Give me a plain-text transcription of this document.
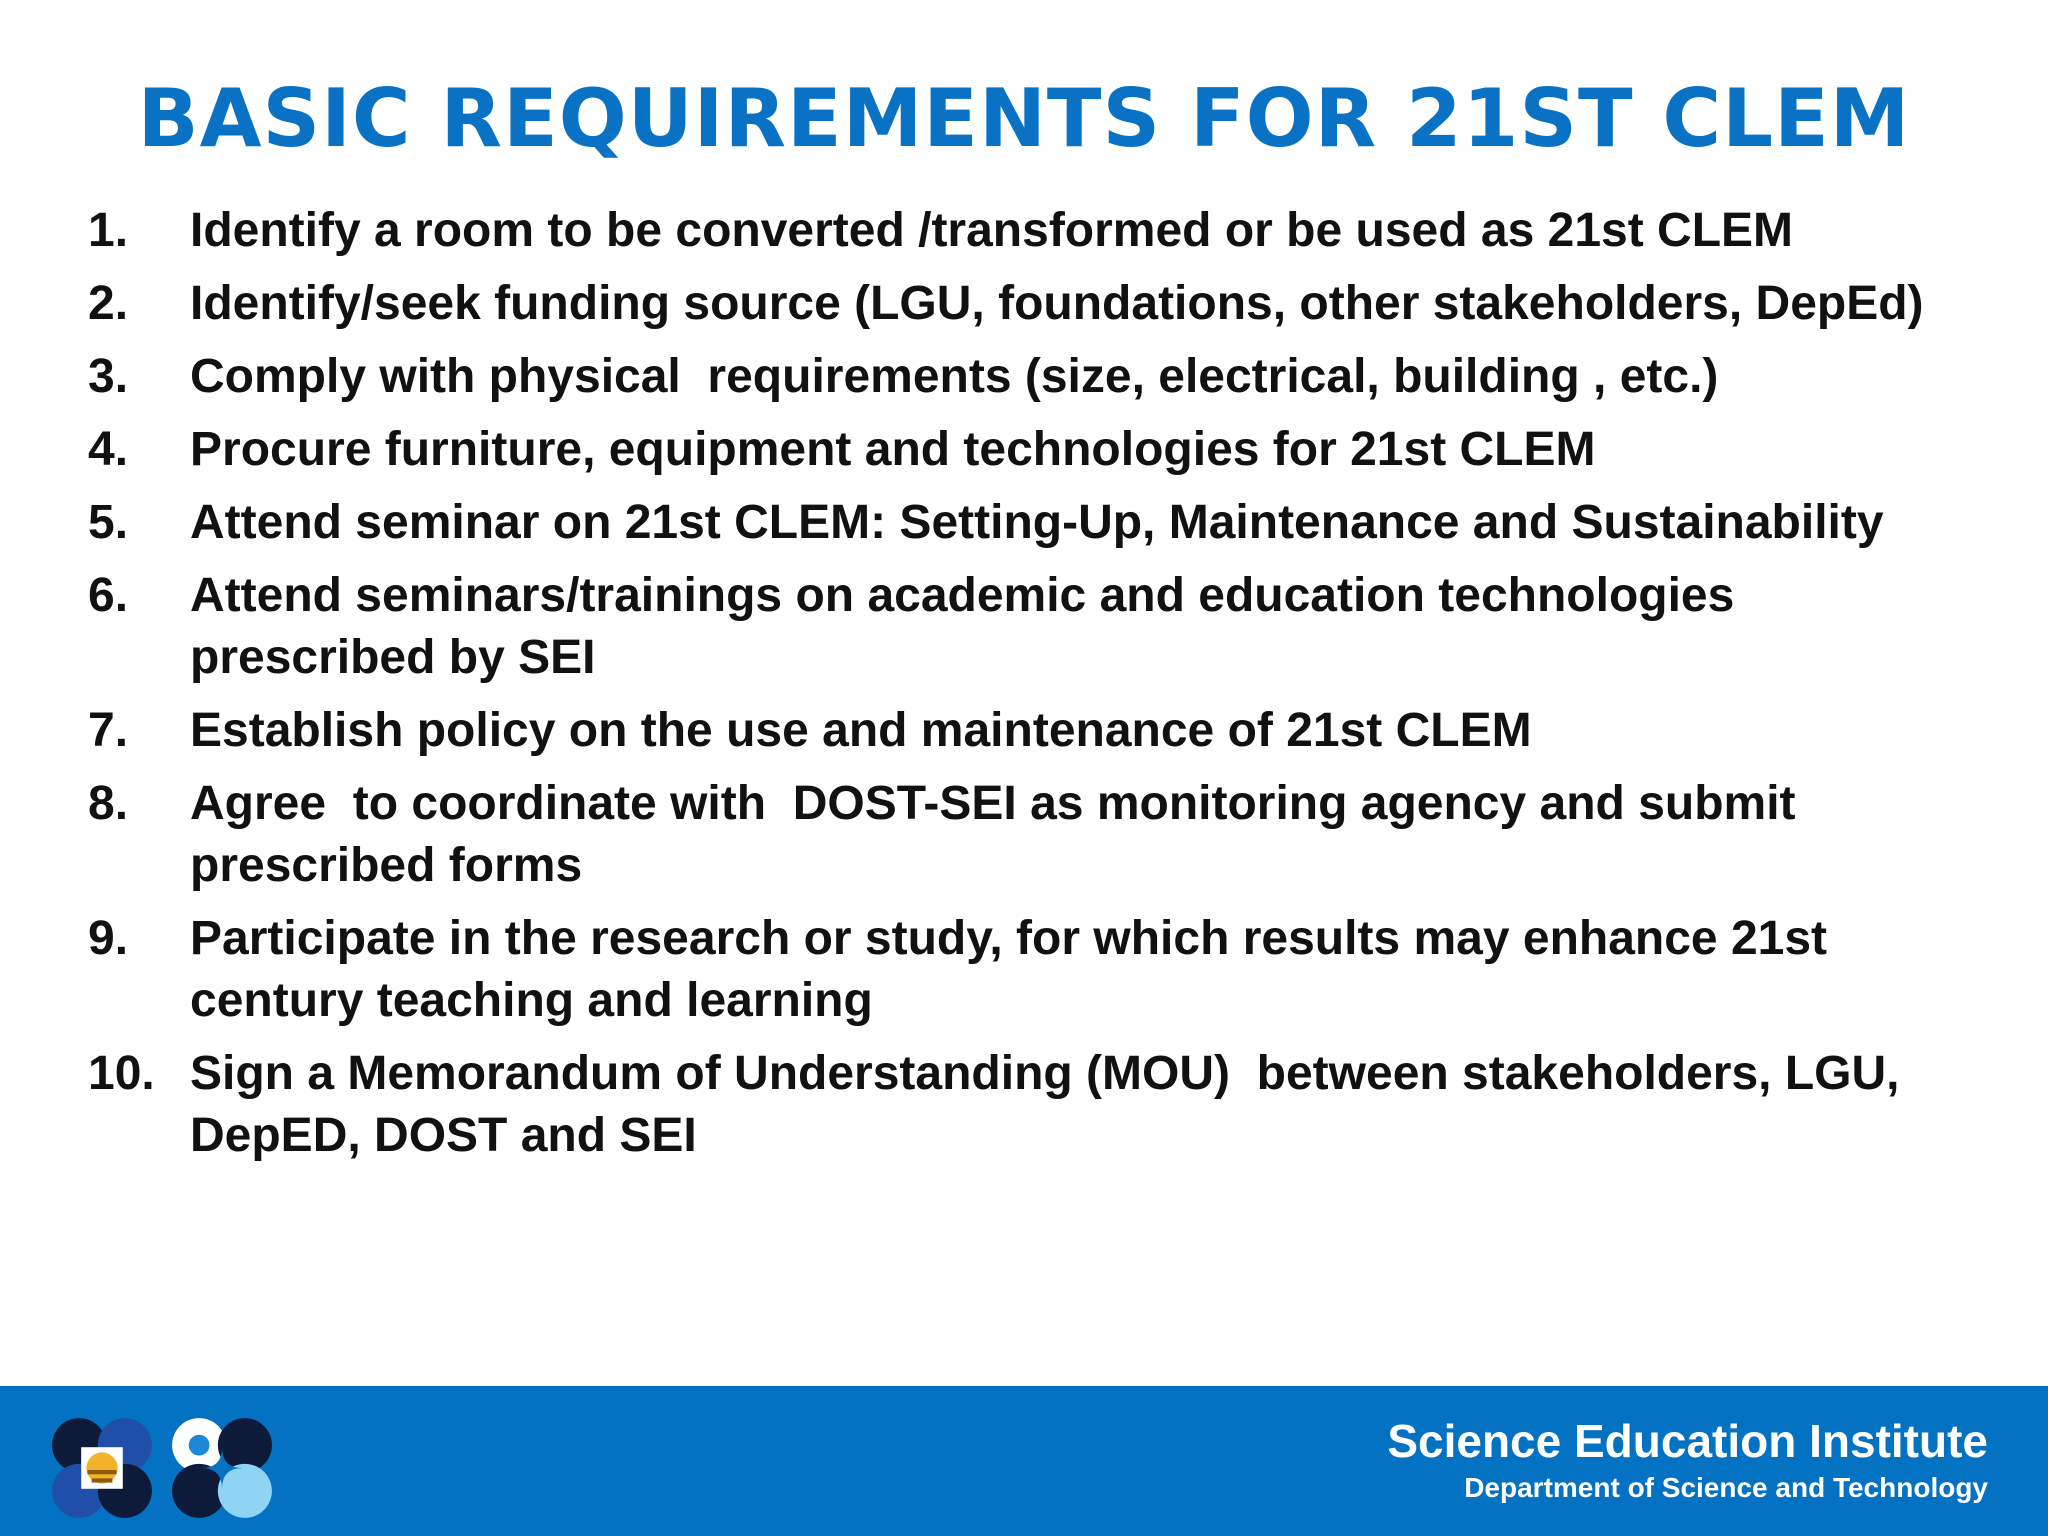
BASIC REQUIREMENTS FOR 21ST CLEM
1.	Identify a room to be converted /transformed or be used as 21st CLEM
2.	Identify/seek funding source (LGU, foundations, other stakeholders, DepEd)
3.	Comply with physical  requirements (size, electrical, building , etc.)
4.	Procure furniture, equipment and technologies for 21st CLEM
5.	Attend seminar on 21st CLEM: Setting-Up, Maintenance and Sustainability
6.	Attend seminars/trainings on academic and education technologies prescribed by SEI
7.	Establish policy on the use and maintenance of 21st CLEM
8.	Agree  to coordinate with  DOST-SEI as monitoring agency and submit prescribed forms
9.	Participate in the research or study, for which results may enhance 21st century teaching and learning
10. Sign a Memorandum of Understanding (MOU)  between stakeholders, LGU, DepED, DOST and SEI
Science Education Institute
Department of Science and Technology
